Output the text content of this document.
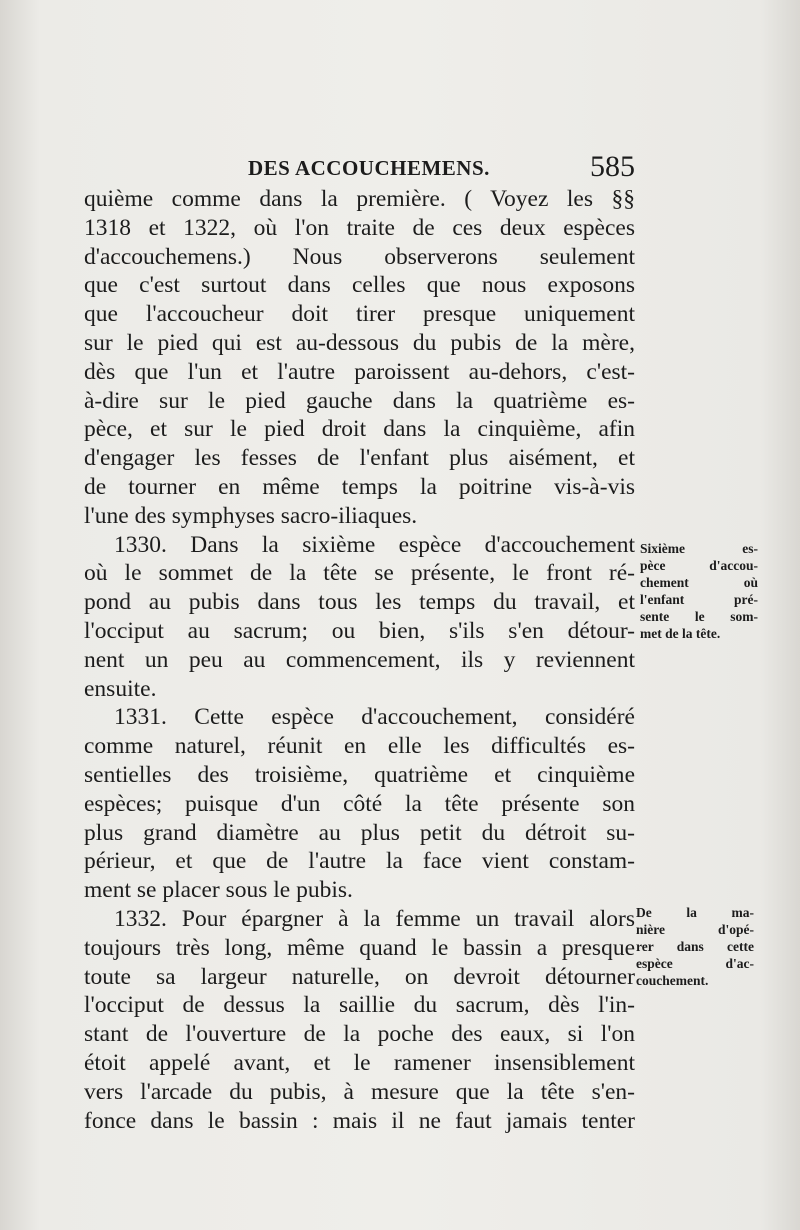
DES ACCOUCHEMENS.	585
quième comme dans la première. ( Voyez les §§
1318 et 1322, où l'on traite de ces deux espèces
d'accouchemens.) Nous observerons seulement
que c'est surtout dans celles que nous exposons
que l'accoucheur doit tirer presque uniquement
sur le pied qui est au-dessous du pubis de la mère,
dès que l'un et l'autre paroissent au-dehors, c'est-
à-dire sur le pied gauche dans la quatrième es-
pèce, et sur le pied droit dans la cinquième, afin
d'engager les fesses de l'enfant plus aisément, et
de tourner en même temps la poitrine vis-à-vis
l'une des symphyses sacro-iliaques.
1330. Dans la sixième espèce d'accouchement
où le sommet de la tête se présente, le front ré-
pond au pubis dans tous les temps du travail, et
l'occiput au sacrum; ou bien, s'ils s'en détour-
nent un peu au commencement, ils y reviennent
ensuite.
1331. Cette espèce d'accouchement, considéré
comme naturel, réunit en elle les difficultés es-
sentielles des troisième, quatrième et cinquième
espèces; puisque d'un côté la tête présente son
plus grand diamètre au plus petit du détroit su-
périeur, et que de l'autre la face vient constam-
ment se placer sous le pubis.
1332. Pour épargner à la femme un travail alors
toujours très long, même quand le bassin a presque
toute sa largeur naturelle, on devroit détourner
l'occiput de dessus la saillie du sacrum, dès l'in-
stant de l'ouverture de la poche des eaux, si l'on
étoit appelé avant, et le ramener insensiblement
vers l'arcade du pubis, à mesure que la tête s'en-
fonce dans le bassin : mais il ne faut jamais tenter
Sixième es-
pèce d'accou-
chement où
l'enfant pré-
sente le som-
met de la tête.
De la ma-
nière d'opé-
rer dans cette
espèce d'ac-
couchement.
